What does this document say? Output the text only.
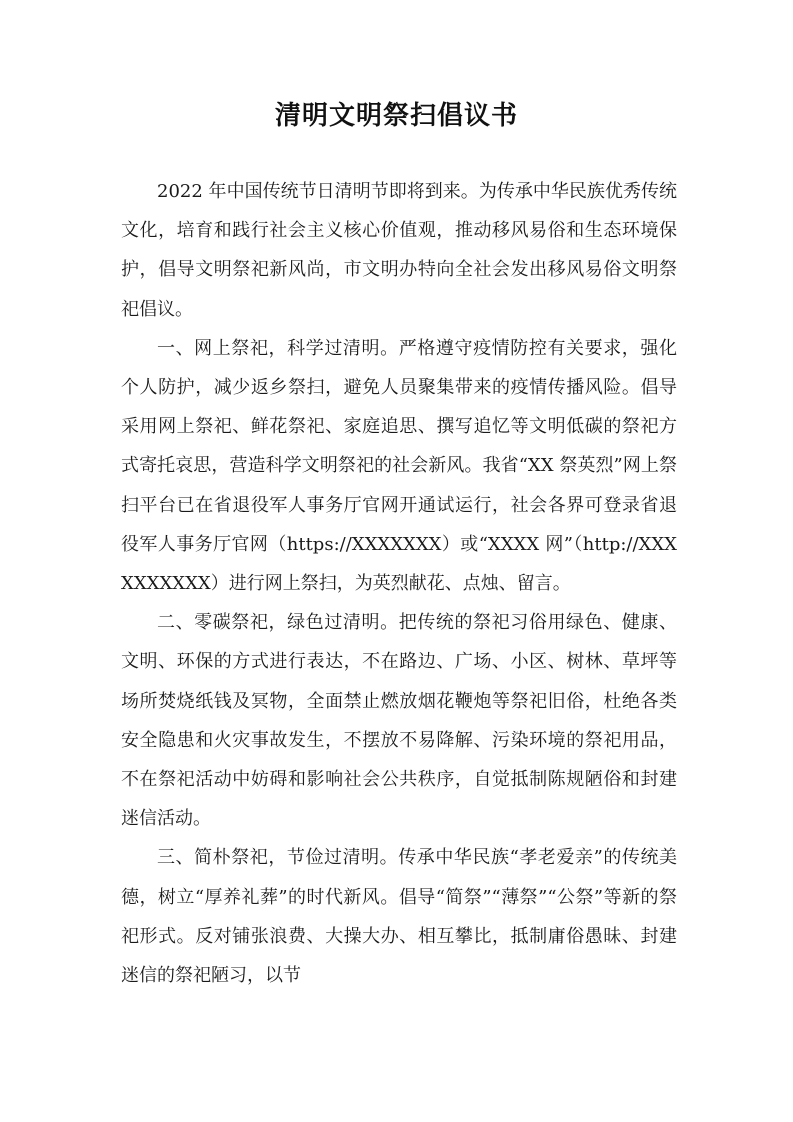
清明文明祭扫倡议书

2022 年中国传统节日清明节即将到来。为传承中华民族优秀传统文化，培育和践行社会主义核心价值观，推动移风易俗和生态环境保护，倡导文明祭祀新风尚，市文明办特向全社会发出移风易俗文明祭祀倡议。

一、网上祭祀，科学过清明。严格遵守疫情防控有关要求，强化个人防护，减少返乡祭扫，避免人员聚集带来的疫情传播风险。倡导采用网上祭祀、鲜花祭祀、家庭追思、撰写追忆等文明低碳的祭祀方式寄托哀思，营造科学文明祭祀的社会新风。我省“XX 祭英烈”网上祭扫平台已在省退役军人事务厅官网开通试运行，社会各界可登录省退役军人事务厅官网（https://XXXXXXX）或“XXXX 网”（http://XXXXXXXXXX）进行网上祭扫，为英烈献花、点烛、留言。

二、零碳祭祀，绿色过清明。把传统的祭祀习俗用绿色、健康、文明、环保的方式进行表达，不在路边、广场、小区、树林、草坪等场所焚烧纸钱及冥物，全面禁止燃放烟花鞭炮等祭祀旧俗，杜绝各类安全隐患和火灾事故发生，不摆放不易降解、污染环境的祭祀用品，不在祭祀活动中妨碍和影响社会公共秩序，自觉抵制陈规陋俗和封建迷信活动。

三、简朴祭祀，节俭过清明。传承中华民族“孝老爱亲”的传统美德，树立“厚养礼葬”的时代新风。倡导“简祭”“薄祭”“公祭”等新的祭祀形式。反对铺张浪费、大操大办、相互攀比，抵制庸俗愚昧、封建迷信的祭祀陋习，以节
